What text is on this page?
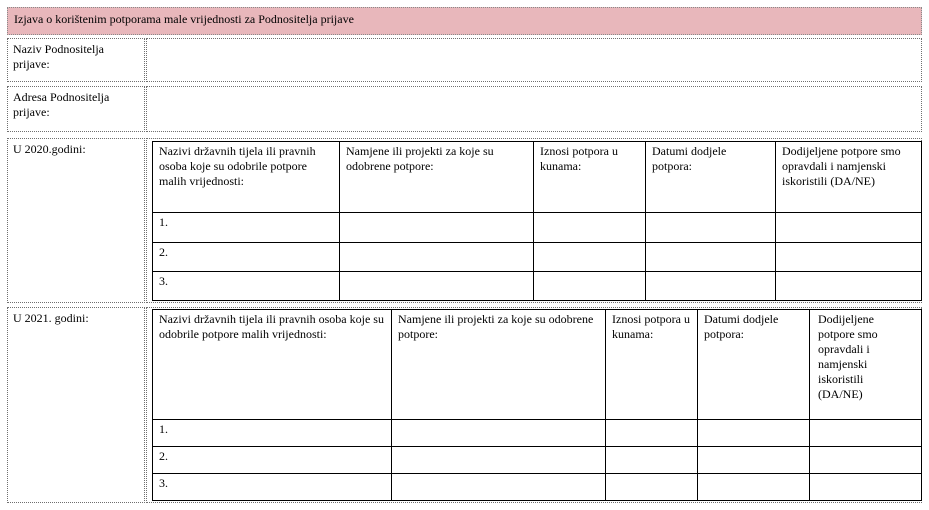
Izjava o korištenim potporama male vrijednosti za Podnositelja prijave
Naziv Podnositelja prijave:
Adresa Podnositelja prijave:
U 2020.godini:	Nazivi državnih tijela ili pravnih osoba koje su odobrile potpore malih vrijednosti:	Namjene ili projekti za koje su odobrene potpore:	Iznosi potpora u kunama:	Datumi dodjele potpora:	Dodijeljene potpore smo opravdali i namjenski iskoristili (DA/NE)
1.				
2.				
3.				
U 2021. godini:	Nazivi državnih tijela ili pravnih osoba koje su odobrile potpore malih vrijednosti:	Namjene ili projekti za koje su odobrene potpore:	Iznosi potpora u kunama:	Datumi dodjele potpora:	Dodijeljene potpore smo opravdali i namjenski iskoristili (DA/NE)
1.				
2.				
3.				
